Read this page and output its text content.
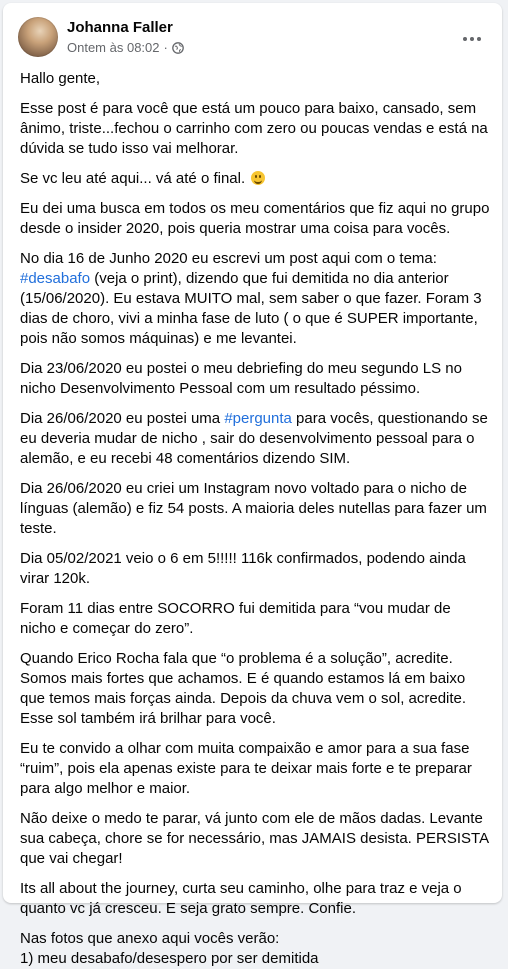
Johanna Faller
Ontem às 08:02 ·

Hallo gente,

Esse post é para você que está um pouco para baixo, cansado, sem ânimo, triste...fechou o carrinho com zero ou poucas vendas e está na dúvida se tudo isso vai melhorar.

Se vc leu até aqui... vá até o final.

Eu dei uma busca em todos os meu comentários que fiz aqui no grupo desde o insider 2020, pois queria mostrar uma coisa para vocês.

No dia 16 de Junho 2020 eu escrevi um post aqui com o tema:
#desabafo (veja o print), dizendo que fui demitida no dia anterior (15/06/2020). Eu estava MUITO mal, sem saber o que fazer. Foram 3 dias de choro, vivi a minha fase de luto ( o que é SUPER importante, pois não somos máquinas) e me levantei.

Dia 23/06/2020 eu postei o meu debriefing do meu segundo LS no nicho Desenvolvimento Pessoal com um resultado péssimo.

Dia 26/06/2020 eu postei uma #pergunta para vocês, questionando se eu deveria mudar de nicho , sair do desenvolvimento pessoal para o alemão, e eu recebi 48 comentários dizendo SIM.

Dia 26/06/2020 eu criei um Instagram novo voltado para o nicho de línguas (alemão) e fiz 54 posts. A maioria deles nutellas para fazer um teste.

Dia 05/02/2021 veio o 6 em 5!!!!! 116k confirmados, podendo ainda virar 120k.

Foram 11 dias entre SOCORRO fui demitida para “vou mudar de nicho e começar do zero”.

Quando Erico Rocha fala que “o problema é a solução”, acredite. Somos mais fortes que achamos. E é quando estamos lá em baixo que temos mais forças ainda. Depois da chuva vem o sol, acredite. Esse sol também irá brilhar para você.

Eu te convido a olhar com muita compaixão e amor para a sua fase “ruim”, pois ela apenas existe para te deixar mais forte e te preparar para algo melhor e maior.

Não deixe o medo te parar, vá junto com ele de mãos dadas. Levante sua cabeça, chore se for necessário, mas JAMAIS desista. PERSISTA que vai chegar!

Its all about the journey, curta seu caminho, olhe para traz e veja o quanto vc já cresceu. E seja grato sempre. Confie.

Nas fotos que anexo aqui vocês verão:
1) meu desabafo/desespero por ser demitida
